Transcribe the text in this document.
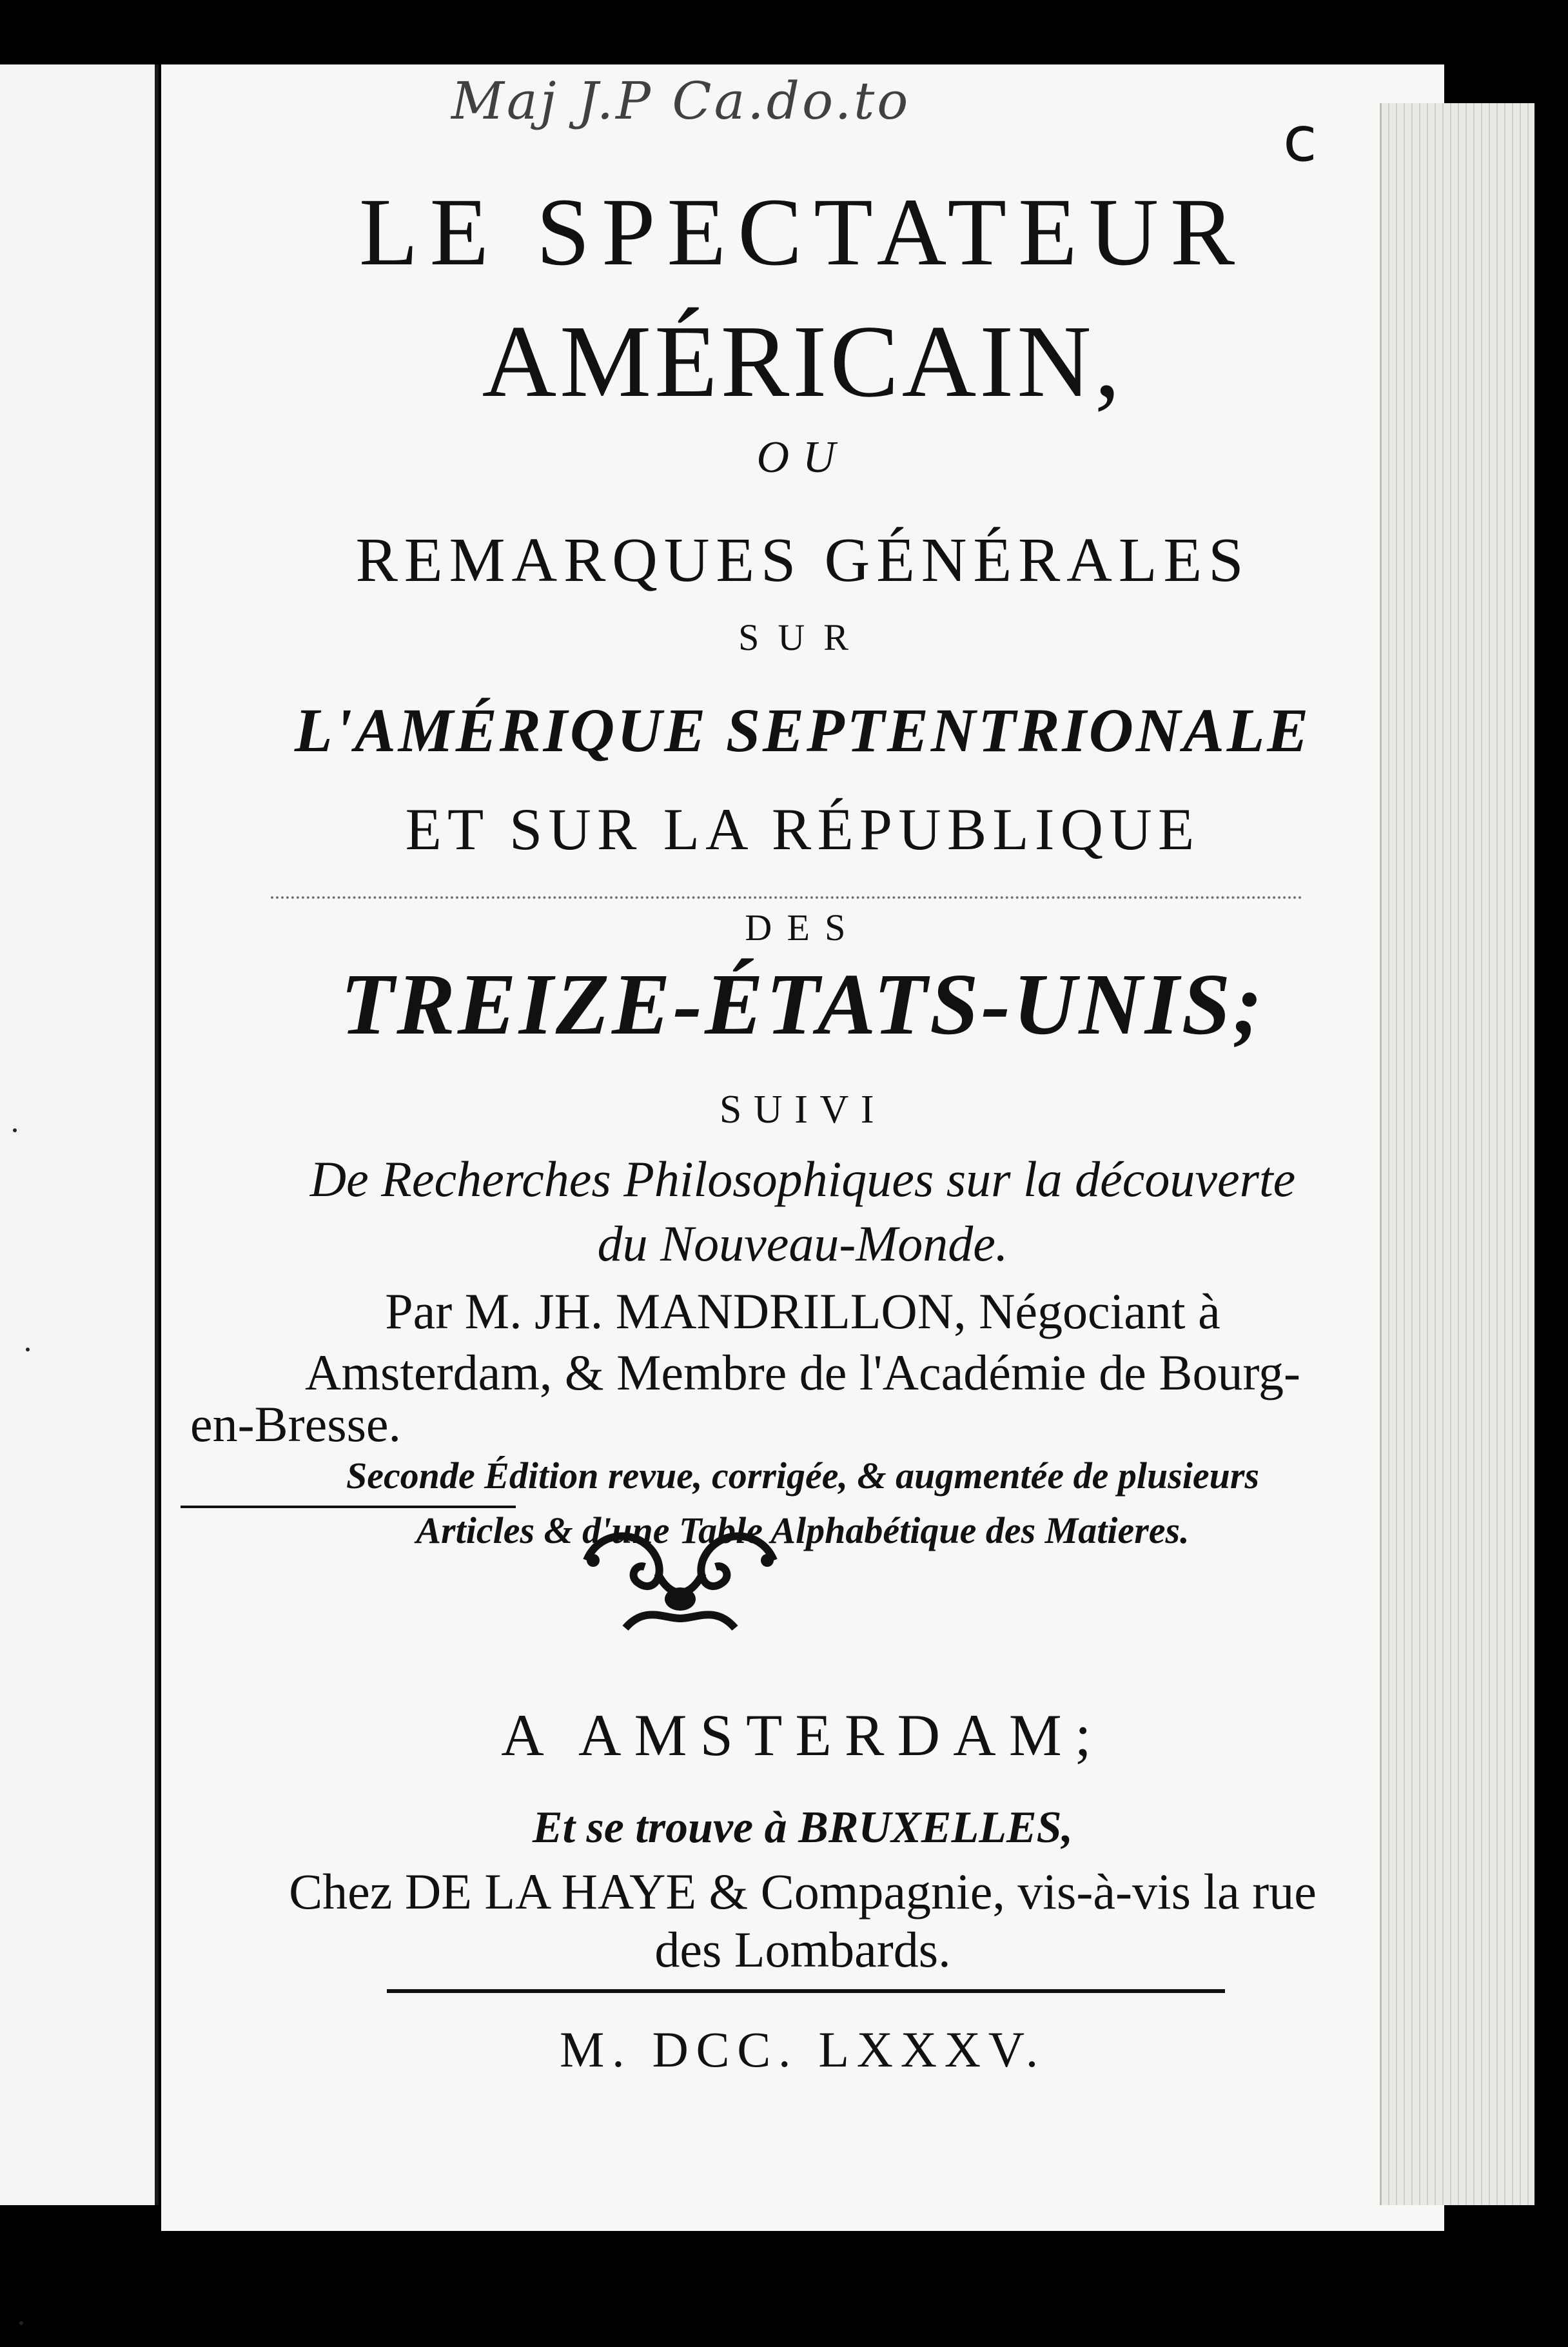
Maj J.P Ca.do.to
c
LE SPECTATEUR
AMÉRICAIN,
OU
REMARQUES GÉNÉRALES
SUR
L'AMÉRIQUE SEPTENTRIONALE
ET SUR LA RÉPUBLIQUE
DES
TREIZE-ÉTATS-UNIS;
SUIVI
De Recherches Philosophiques sur la découverte
du Nouveau-Monde.
Par M. JH. MANDRILLON, Négociant à
Amsterdam, & Membre de l'Académie de Bourg-
en-Bresse.
Seconde Édition revue, corrigée, & augmentée de plusieurs
Articles & d'une Table Alphabétique des Matieres.
A AMSTERDAM;
Et se trouve à BRUXELLES,
Chez DE LA HAYE & Compagnie, vis-à-vis la rue
des Lombards.
M. DCC. LXXXV.
